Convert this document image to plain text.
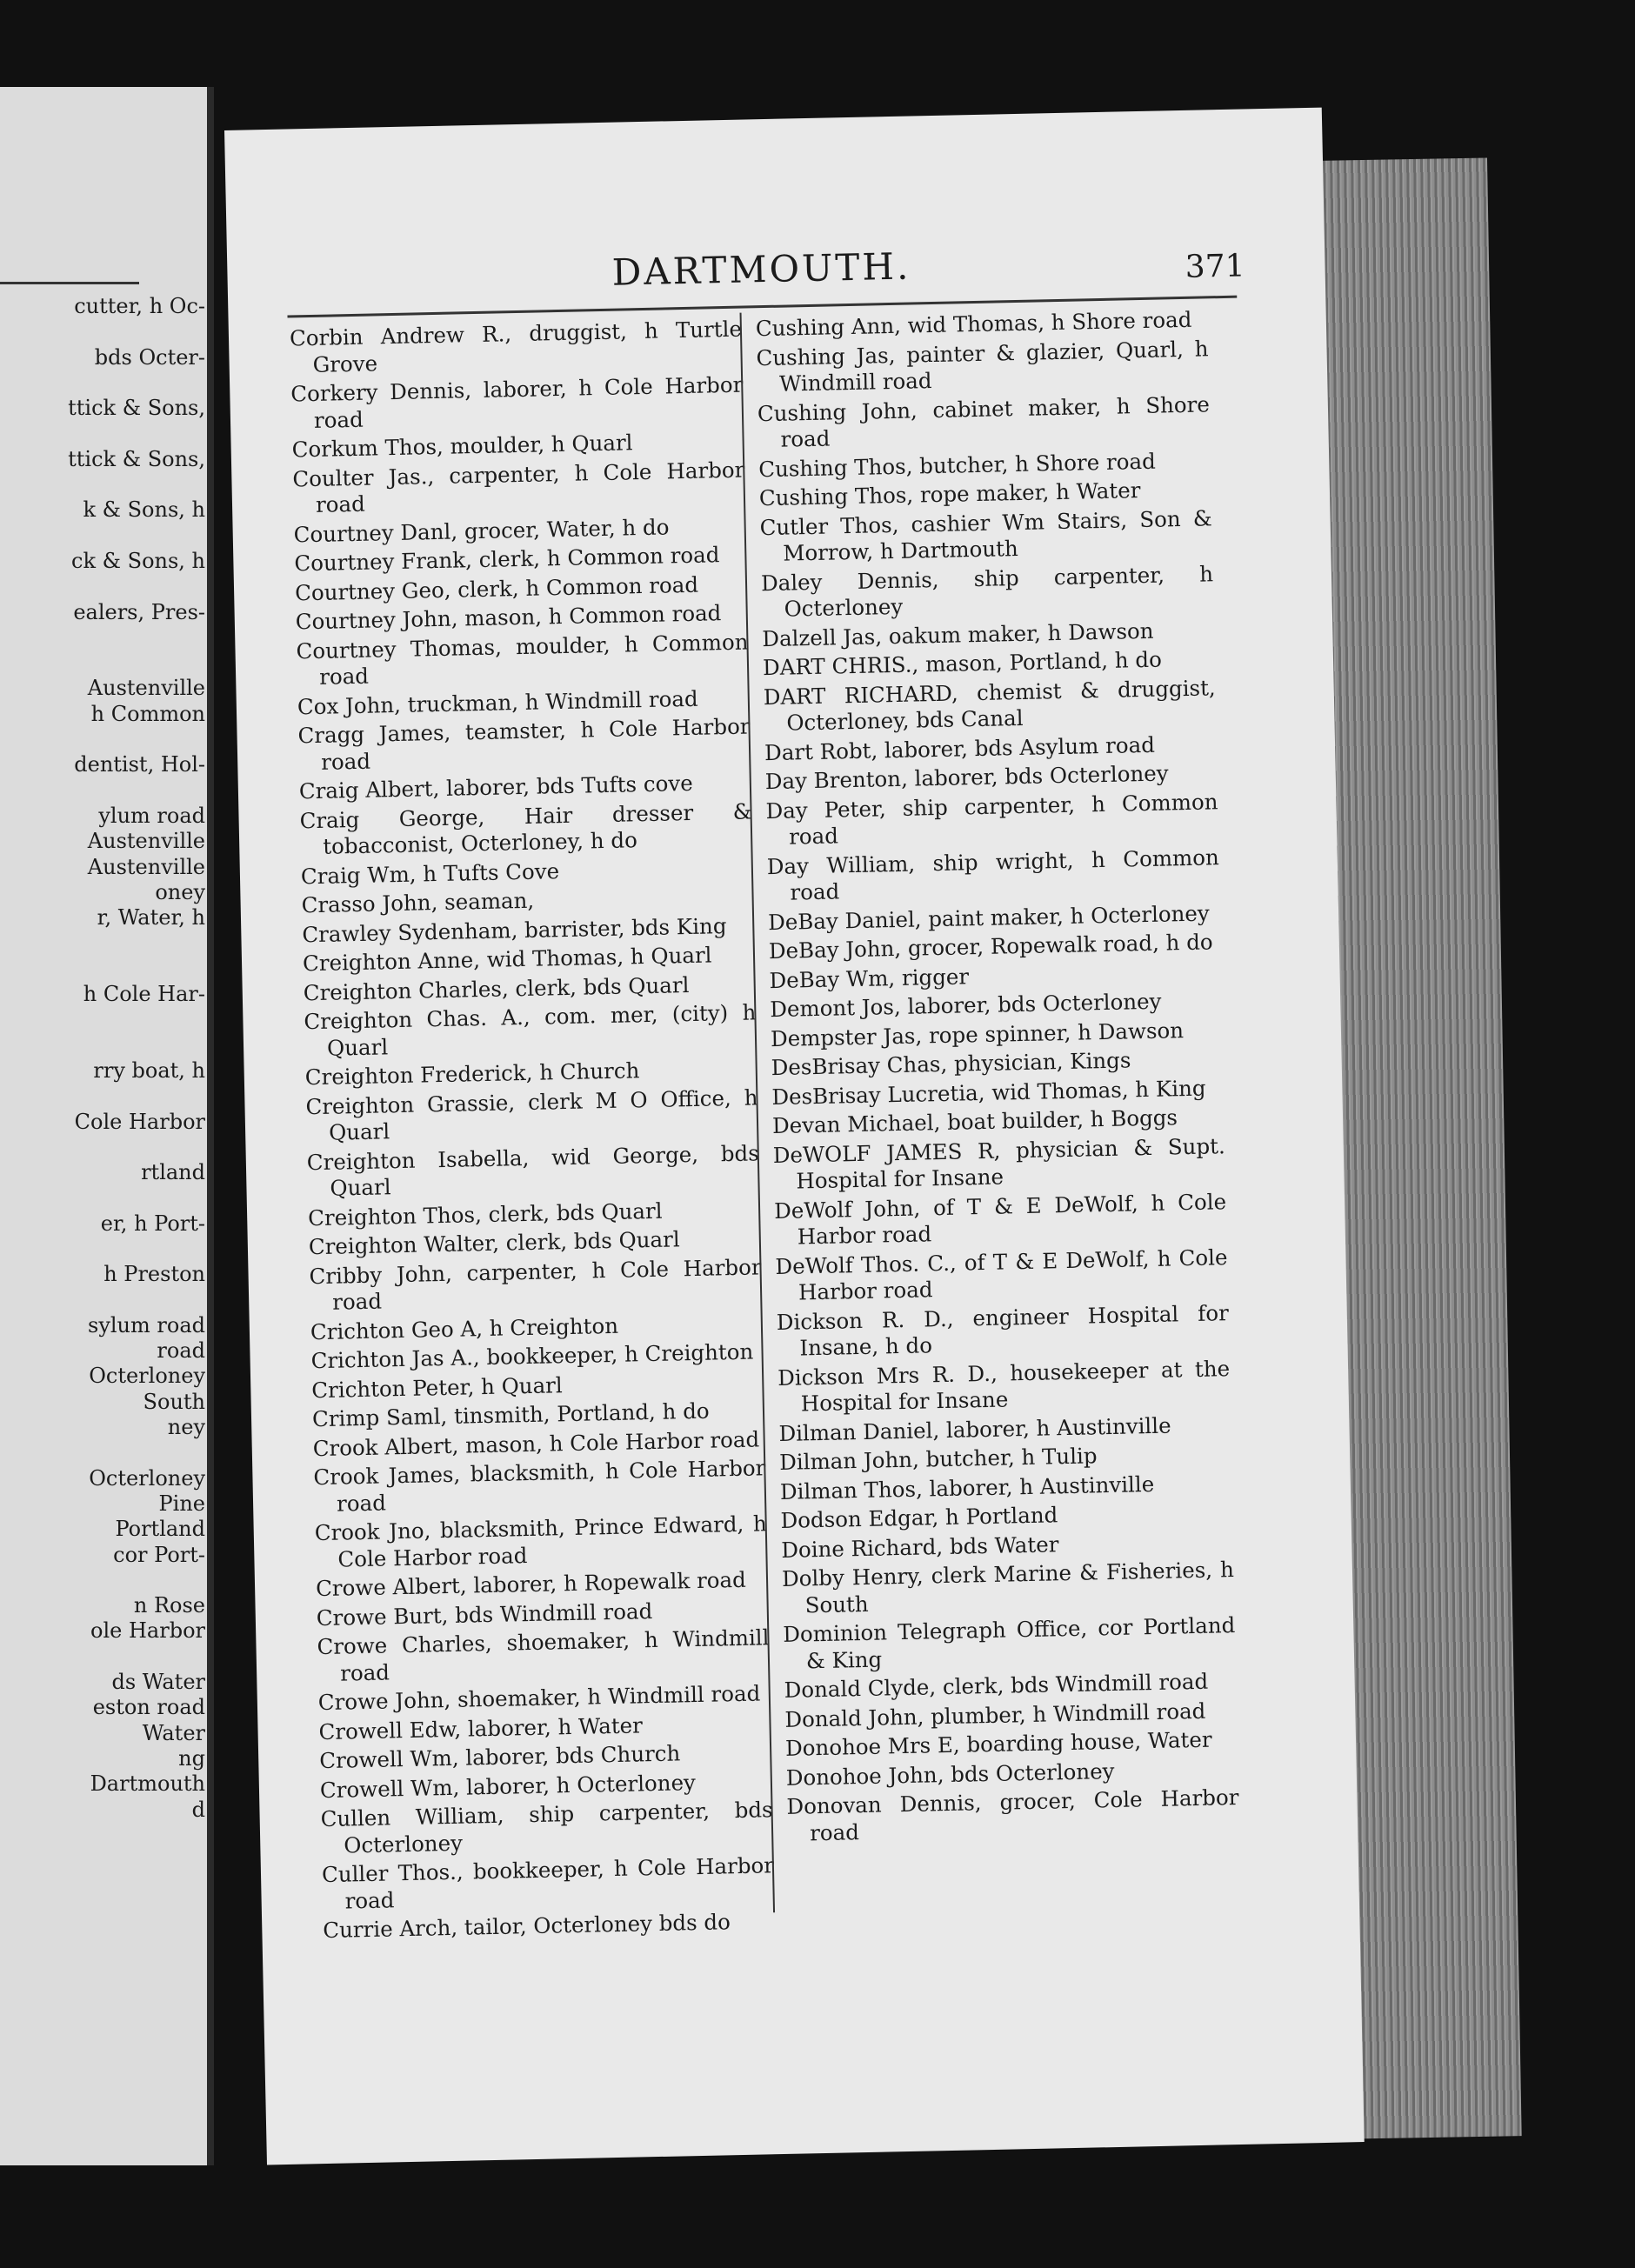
cutter, h Oc-
bds Octer-
ttick & Sons,
ttick & Sons,
k & Sons, h
ck & Sons, h
ealers, Pres-
Austenville
h Common
dentist, Hol-
ylum road
Austenville
Austenville
oney
r, Water, h
h Cole Har-
rry boat, h
Cole Harbor
rtland
er, h Port-
h Preston
sylum road
road
Octerloney
South
ney
Octerloney
Pine
Portland
cor Port-
n Rose
ole Harbor
ds Water
eston road
Water
ng
Dartmouth
d
DARTMOUTH.	371
Corbin Andrew R., druggist, h Turtle Grove
Corkery Dennis, laborer, h Cole Harbor road
Corkum Thos, moulder, h Quarl
Coulter Jas., carpenter, h Cole Harbor road
Courtney Danl, grocer, Water, h do
Courtney Frank, clerk, h Common road
Courtney Geo, clerk, h Common road
Courtney John, mason, h Common road
Courtney Thomas, moulder, h Common road
Cox John, truckman, h Windmill road
Cragg James, teamster, h Cole Harbor road
Craig Albert, laborer, bds Tufts cove
Craig George, Hair dresser & tobacconist, Octerloney, h do
Craig Wm, h Tufts Cove
Crasso John, seaman,
Crawley Sydenham, barrister, bds King
Creighton Anne, wid Thomas, h Quarl
Creighton Charles, clerk, bds Quarl
Creighton Chas. A., com. mer, (city) h Quarl
Creighton Frederick, h Church
Creighton Grassie, clerk M O Office, h Quarl
Creighton Isabella, wid George, bds Quarl
Creighton Thos, clerk, bds Quarl
Creighton Walter, clerk, bds Quarl
Cribby John, carpenter, h Cole Harbor road
Crichton Geo A, h Creighton
Crichton Jas A., bookkeeper, h Creighton
Crichton Peter, h Quarl
Crimp Saml, tinsmith, Portland, h do
Crook Albert, mason, h Cole Harbor road
Crook James, blacksmith, h Cole Harbor road
Crook Jno, blacksmith, Prince Edward, h Cole Harbor road
Crowe Albert, laborer, h Ropewalk road
Crowe Burt, bds Windmill road
Crowe Charles, shoemaker, h Windmill road
Crowe John, shoemaker, h Windmill road
Crowell Edw, laborer, h Water
Crowell Wm, laborer, bds Church
Crowell Wm, laborer, h Octerloney
Cullen William, ship carpenter, bds Octerloney
Culler Thos., bookkeeper, h Cole Harbor road
Currie Arch, tailor, Octerloney bds do
Cushing Ann, wid Thomas, h Shore road
Cushing Jas, painter & glazier, Quarl, h Windmill road
Cushing John, cabinet maker, h Shore road
Cushing Thos, butcher, h Shore road
Cushing Thos, rope maker, h Water
Cutler Thos, cashier Wm Stairs, Son & Morrow, h Dartmouth
Daley Dennis, ship carpenter, h Octerloney
Dalzell Jas, oakum maker, h Dawson
DART CHRIS., mason, Portland, h do
DART RICHARD, chemist & druggist, Octerloney, bds Canal
Dart Robt, laborer, bds Asylum road
Day Brenton, laborer, bds Octerloney
Day Peter, ship carpenter, h Common road
Day William, ship wright, h Common road
DeBay Daniel, paint maker, h Octerloney
DeBay John, grocer, Ropewalk road, h do
DeBay Wm, rigger
Demont Jos, laborer, bds Octerloney
Dempster Jas, rope spinner, h Dawson
DesBrisay Chas, physician, Kings
DesBrisay Lucretia, wid Thomas, h King
Devan Michael, boat builder, h Boggs
DeWOLF JAMES R, physician & Supt. Hospital for Insane
DeWolf John, of T & E DeWolf, h Cole Harbor road
DeWolf Thos. C., of T & E DeWolf, h Cole Harbor road
Dickson R. D., engineer Hospital for Insane, h do
Dickson Mrs R. D., housekeeper at the Hospital for Insane
Dilman Daniel, laborer, h Austinville
Dilman John, butcher, h Tulip
Dilman Thos, laborer, h Austinville
Dodson Edgar, h Portland
Doine Richard, bds Water
Dolby Henry, clerk Marine & Fisheries, h South
Dominion Telegraph Office, cor Portland & King
Donald Clyde, clerk, bds Windmill road
Donald John, plumber, h Windmill road
Donohoe Mrs E, boarding house, Water
Donohoe John, bds Octerloney
Donovan Dennis, grocer, Cole Harbor road
